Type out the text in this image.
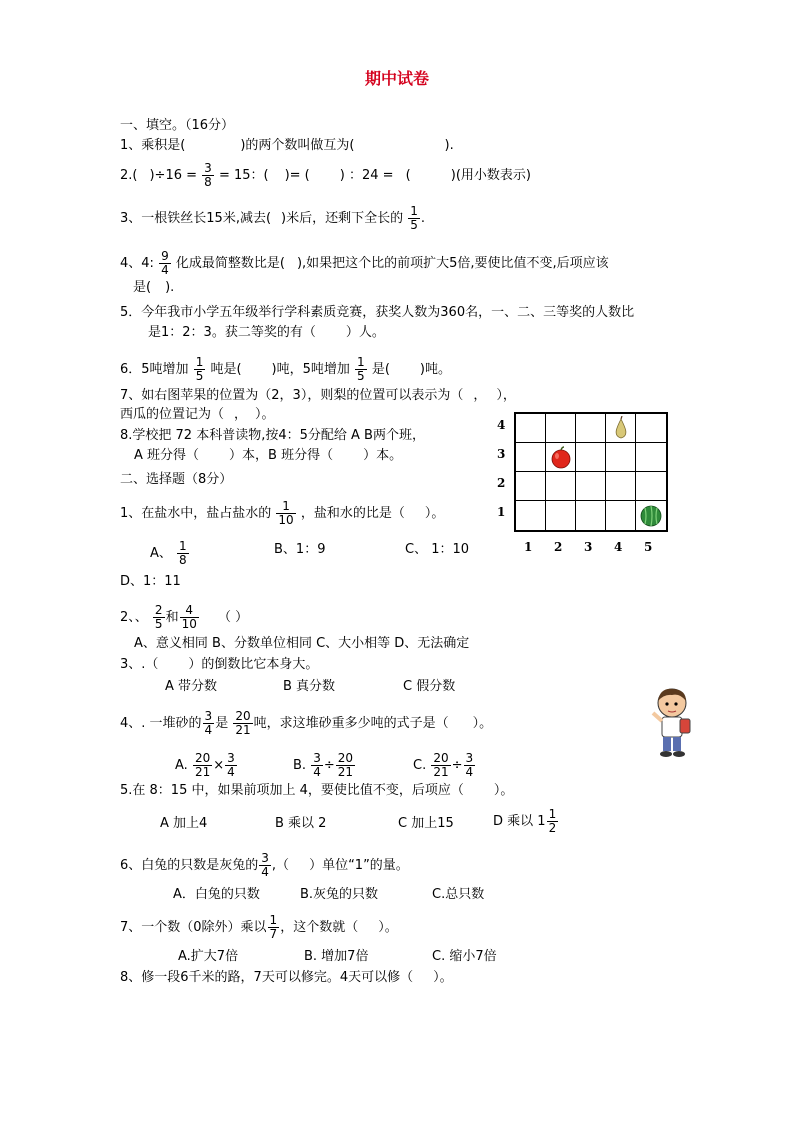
期中试卷
一、填空。（16分）
1、乘积是(	)的两个数叫做互为(	).
2.( )$\div 16 = \frac{3}{8} = 15$：( )= ( ) ：24 = (	)(用小数表示)
3、一根铁丝长15米,减去( )米后，还剩下全长的 $\frac{1}{5}$ .
4、4: $\frac{9}{4}$ 化成最简整数比是( ),如果把这个比的前项扩大5倍,要使比值不变,后项应该
是( ).
5．今年我市小学五年级举行学科素质竞赛，获奖人数为360名，一、二、三等奖的人数比
是1：2：3。获二等奖的有（ ）人。
6．5吨增加 $\frac{1}{5}$ 吨是( )吨，5吨增加 $\frac{1}{5}$ 是( )吨。
7、如右图苹果的位置为（2，3），则梨的位置可以表示为（ ， ），
西瓜的位置记为（ ， ）。
8.学校把 72 本科普读物,按4：5分配给 A B两个班，
A 班分得（ ）本，B 班分得（ ）本。
4
3
2
1
1 2 3 4 5
二、选择题（8分）
1、在盐水中，盐占盐水的 $\frac{1}{10}$ ，盐和水的比是（ ）。
A、 $\frac{1}{8}$	B、1：9	C、 1：10
D、1：11
2、、 $\frac{2}{5}$ 和 $\frac{4}{10}$ （ ）
A、意义相同 B、分数单位相同 C、大小相等 D、无法确定
3、.（ ）的倒数比它本身大。
A 带分数	B 真分数	C 假分数
4、. 一堆砂的 $\frac{3}{4}$ 是 $\frac{20}{21}$ 吨，求这堆砂重多少吨的式子是（ ）。
A. $\frac{20}{21} \times \frac{3}{4}$	B. $\frac{3}{4} \div \frac{20}{21}$	C. $\frac{20}{21} \div \frac{3}{4}$
5.在 8：15 中，如果前项加上 4，要使比值不变，后项应（ ）。
A 加上4	B 乘以 2	C 加上15	D 乘以 $1 \frac{1}{2}$
6、白兔的只数是灰兔的 $\frac{3}{4}$ ,（ ）单位“1”的量。
A．白兔的只数	B.灰兔的只数	C.总只数
7、一个数（0除外）乘以 $\frac{1}{7}$ ，这个数就（ ）。
A.扩大7倍	B. 增加7倍	C. 缩小7倍
8、修一段6千米的路，7天可以修完。4天可以修（ ）。
